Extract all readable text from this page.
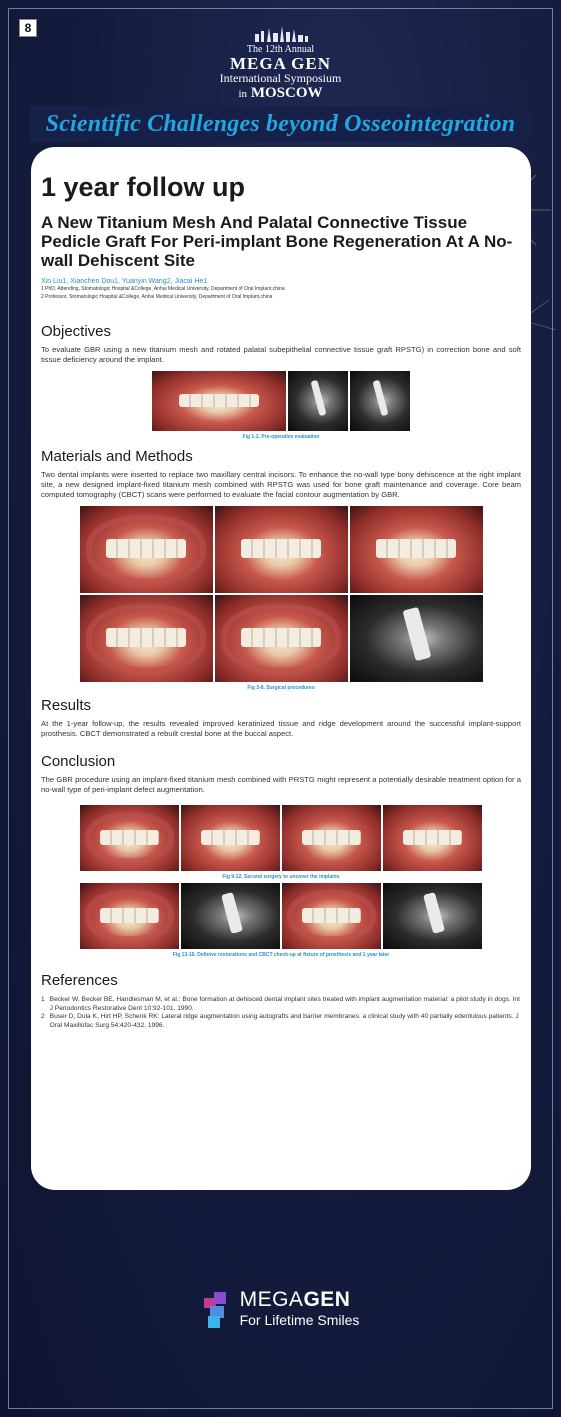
8
The 12th Annual
MEGA GEN
International Symposium
in MOSCOW
Scientific Challenges beyond Osseointegration
1 year follow up
A New Titanium Mesh And Palatal Connective Tissue Pedicle Graft For Peri-implant Bone Regeneration At A No-wall Dehiscent Site
Xin Liu1, Xiaochen Dou1, Yuanyin Wang2, Jiacai He1
1 PhD, Attending, Stomatologic Hospital &College, Anhui Medical University, Department of Oral Implant,china
2 Professor, Stomatologic Hospital &College, Anhui Medical University, Department of Oral Implant,china
Objectives

To evaluate GBR using a new titanium mesh and rotated palatal subepithelial connective tissue graft RPSTG) in correction bone and soft tissue deficiency around the implant.

Fig 1-2. Pre-operative evaluation
Materials and Methods

Two dental implants were inserted to replace two maxillary central incisors. To enhance the no-wall type bony dehiscence at the right implant site, a new designed implant-fixed titanium mesh combined with RPSTG was used for bone graft maintenance and coverage. Core beam computed tomography (CBCT) scans were performed to evaluate the facial contour augmentation by GBR.

Fig 3-8. Surgical procedures
Results

At the 1-year follow-up, the results revealed improved keratinized tissue and ridge development around the successful implant-support prosthesis. CBCT demonstrated a rebuilt crestal bone at the buccal aspect.

Conclusion

The GBR procedure using an implant-fixed titanium mesh combined with PRSTG might represent a potentially desirable treatment option for a no-wall type of peri-implant defect augmentation.

Fig 9-12. Second surgery to uncover the implants
Fig 13-16. Definive restorations and CBCT check-up at fixture of prosthesis and 1 year later
References
1 Becker W, Becker BE, Handlesman M, et al.: Bone formation at dehisced dental implant sites treated with implant augmentation material: a pilot study in dogs. Int J Periodontics Restorative Dent 10:92-101, 1990.
2 Buser D, Dula K, Hirt HP, Schenk RK: Lateral ridge augmentation using autografts and barrier membranes: a clinical study with 40 partially edentulous patients. J Oral Maxillofac Surg 54:420-432, 1996.
MEGAGEN
For Lifetime Smiles
